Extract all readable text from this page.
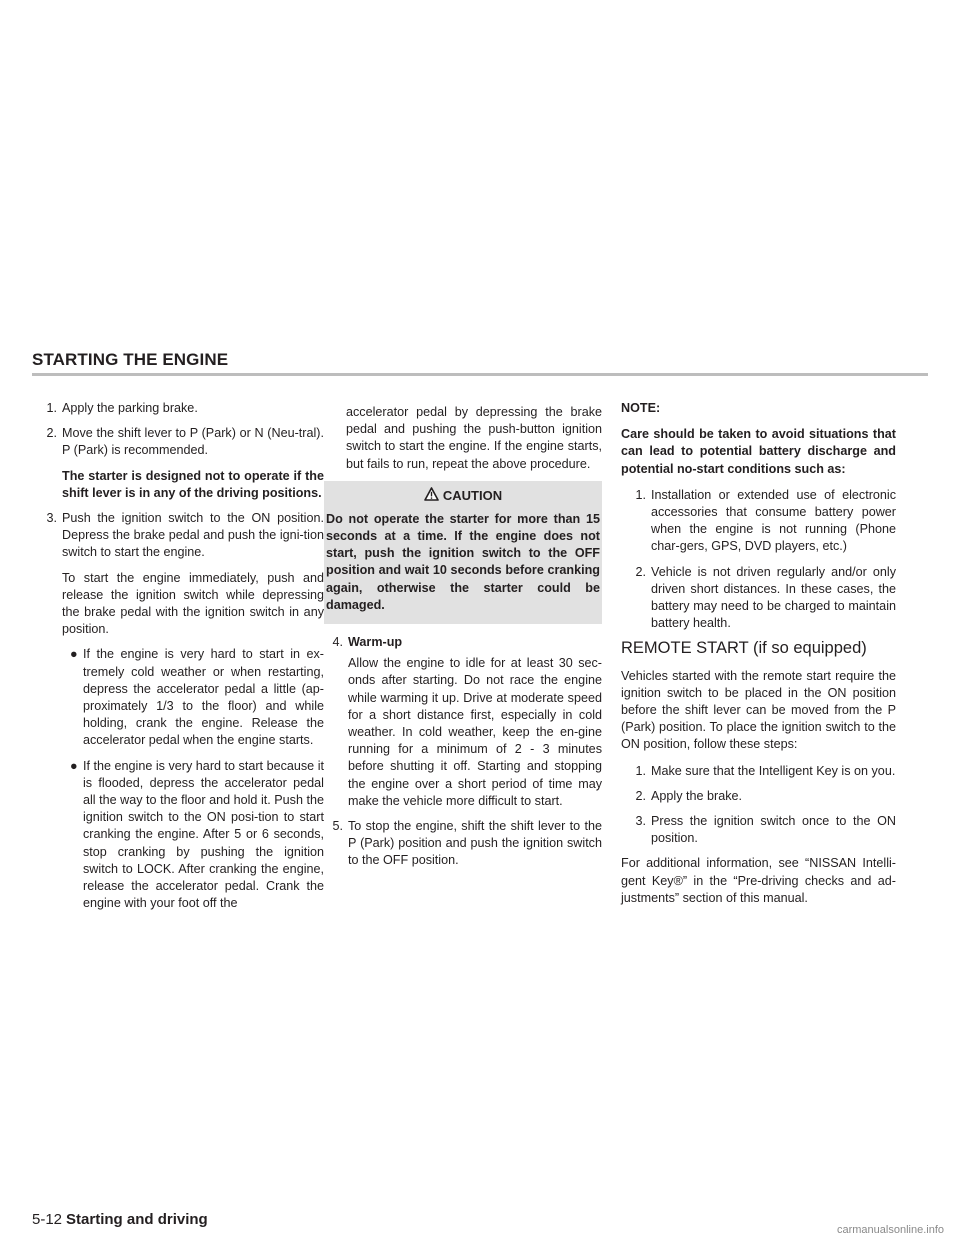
STARTING THE ENGINE
1. Apply the parking brake.
2. Move the shift lever to P (Park) or N (Neu-tral). P (Park) is recommended.
The starter is designed not to operate if the shift lever is in any of the driving positions.
3. Push the ignition switch to the ON position. Depress the brake pedal and push the igni-tion switch to start the engine.
To start the engine immediately, push and release the ignition switch while depressing the brake pedal with the ignition switch in any position.
● If the engine is very hard to start in ex-tremely cold weather or when restarting, depress the accelerator pedal a little (ap-proximately 1/3 to the floor) and while holding, crank the engine. Release the accelerator pedal when the engine starts.
● If the engine is very hard to start because it is flooded, depress the accelerator pedal all the way to the floor and hold it. Push the ignition switch to the ON posi-tion to start cranking the engine. After 5 or 6 seconds, stop cranking by pushing the ignition switch to LOCK. After cranking the engine, release the accelerator pedal. Crank the engine with your foot off the
accelerator pedal by depressing the brake pedal and pushing the push-button ignition switch to start the engine. If the engine starts, but fails to run, repeat the above procedure.
CAUTION
Do not operate the starter for more than 15 seconds at a time. If the engine does not start, push the ignition switch to the OFF position and wait 10 seconds before cranking again, otherwise the starter could be damaged.
4. Warm-up
Allow the engine to idle for at least 30 sec-onds after starting. Do not race the engine while warming it up. Drive at moderate speed for a short distance first, especially in cold weather. In cold weather, keep the en-gine running for a minimum of 2 - 3 minutes before shutting it off. Starting and stopping the engine over a short period of time may make the vehicle more difficult to start.
5. To stop the engine, shift the shift lever to the P (Park) position and push the ignition switch to the OFF position.

NOTE:

Care should be taken to avoid situations that can lead to potential battery discharge and potential no-start conditions such as:

1. Installation or extended use of electronic accessories that consume battery power when the engine is not running (Phone char-gers, GPS, DVD players, etc.)
2. Vehicle is not driven regularly and/or only driven short distances. In these cases, the battery may need to be charged to maintain battery health.
REMOTE START (if so equipped)

Vehicles started with the remote start require the ignition switch to be placed in the ON position before the shift lever can be moved from the P (Park) position. To place the ignition switch to the ON position, follow these steps:

1. Make sure that the Intelligent Key is on you.
2. Apply the brake.
3. Press the ignition switch once to the ON position.

For additional information, see “NISSAN Intelli-gent Key®” in the “Pre-driving checks and ad-justments” section of this manual.

5-12 Starting and driving
carmanualsonline.info
